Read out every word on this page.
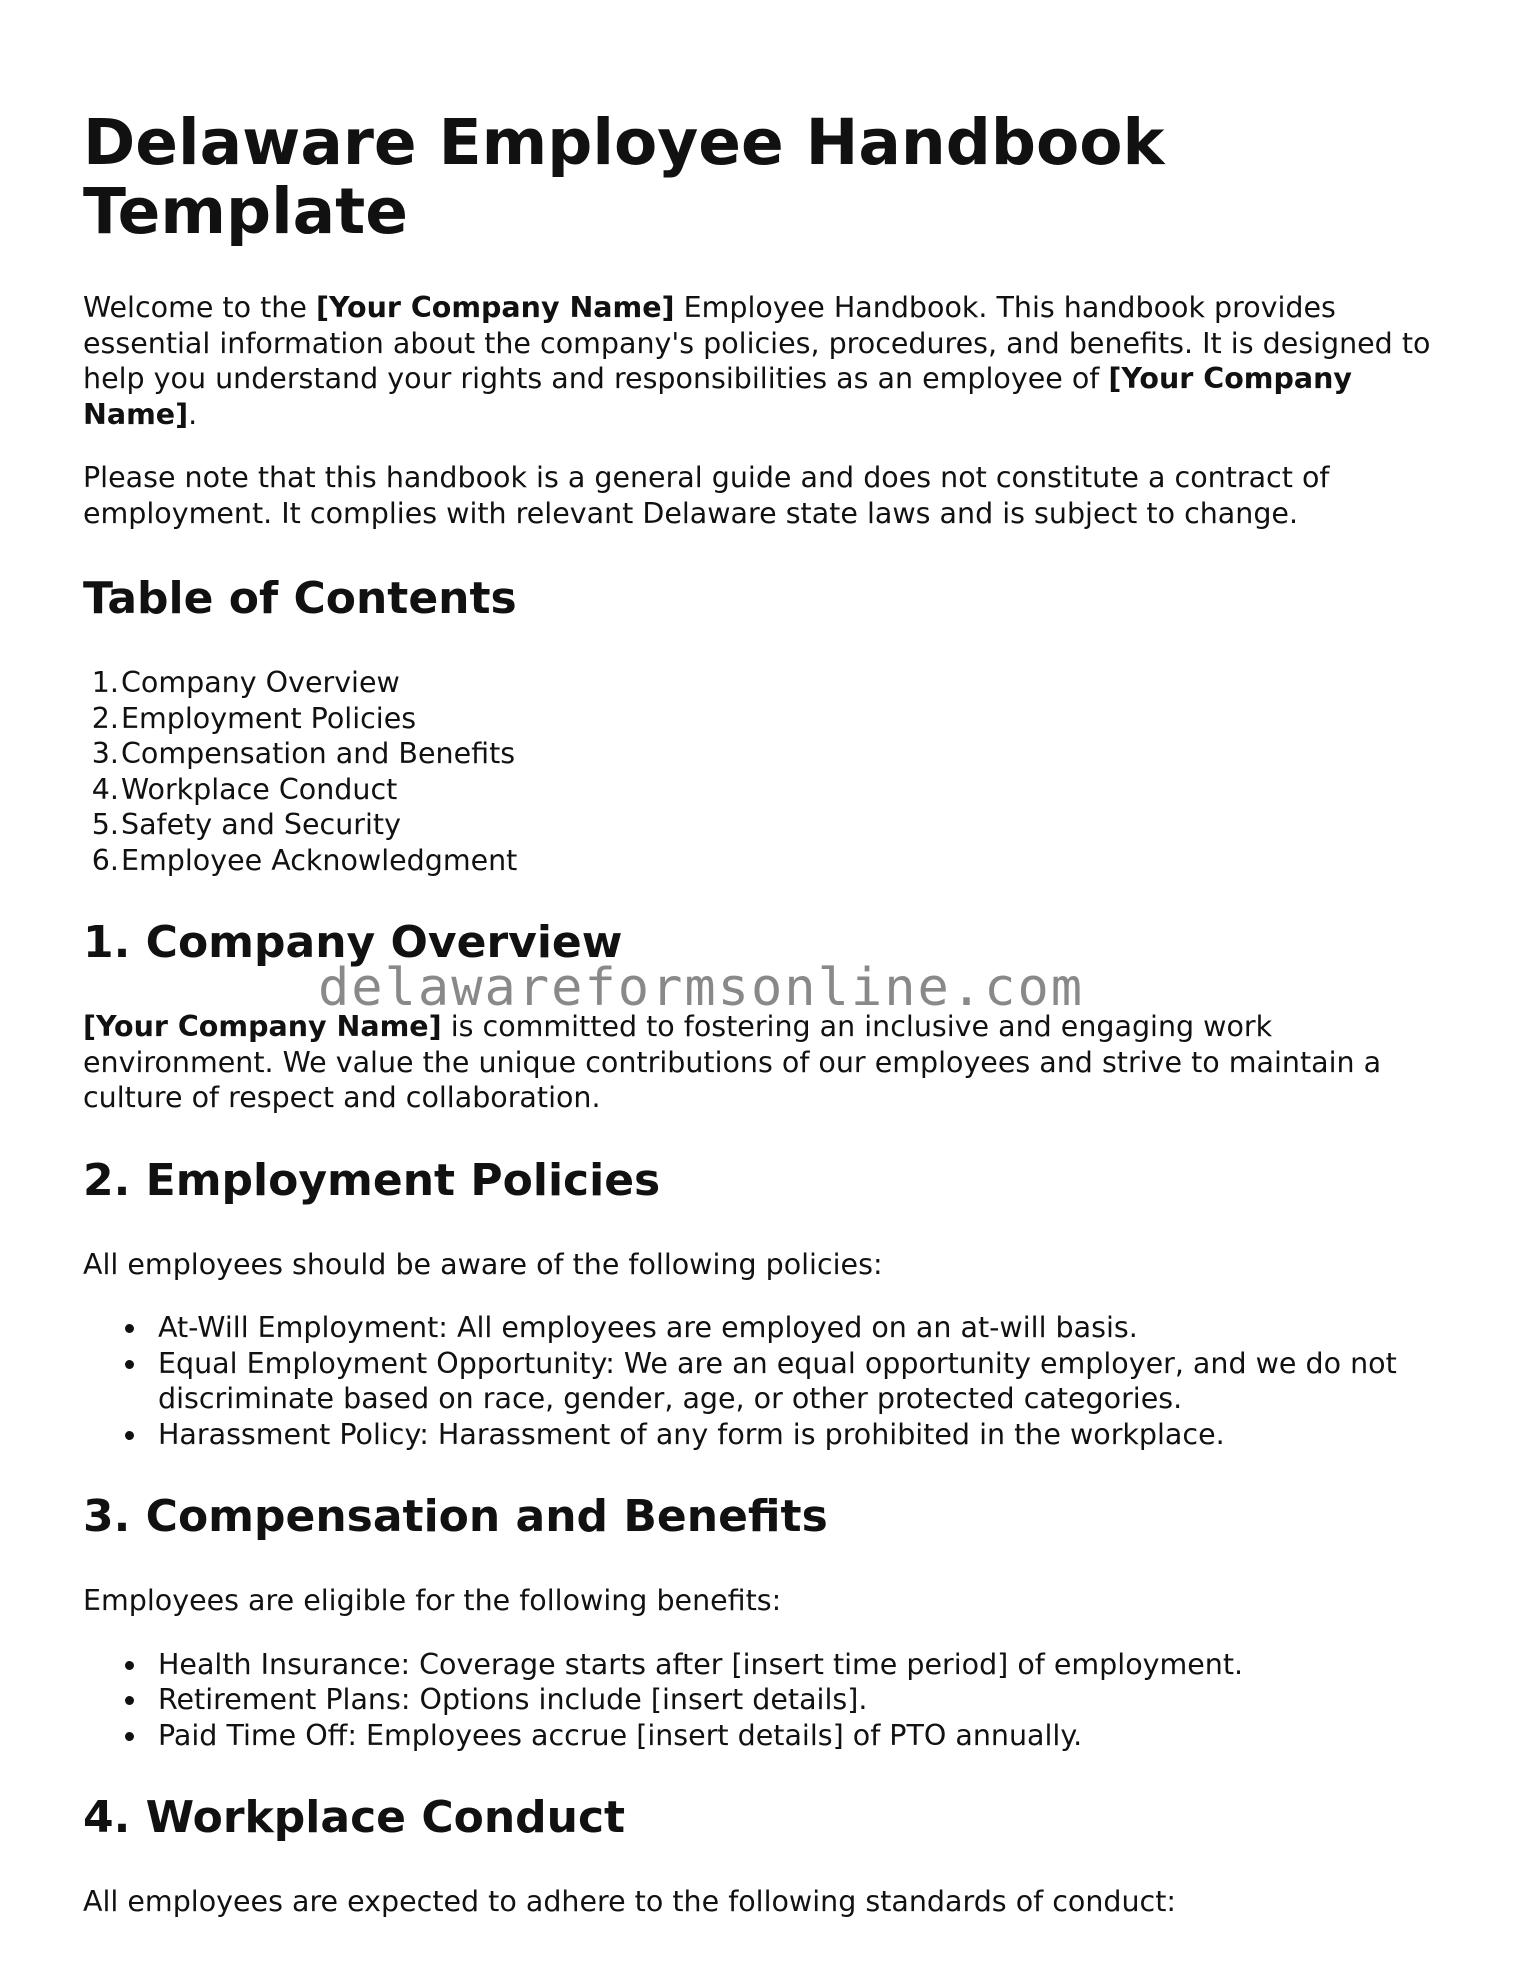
Delaware Employee Handbook Template

Welcome to the [Your Company Name] Employee Handbook. This handbook provides essential information about the company's policies, procedures, and benefits. It is designed to help you understand your rights and responsibilities as an employee of [Your Company Name].

Please note that this handbook is a general guide and does not constitute a contract of employment. It complies with relevant Delaware state laws and is subject to change.

Table of Contents
1.Company Overview
2.Employment Policies
3.Compensation and Benefits
4.Workplace Conduct
5.Safety and Security
6.Employee Acknowledgment
1. Company Overview

[Your Company Name] is committed to fostering an inclusive and engaging work environment. We value the unique contributions of our employees and strive to maintain a culture of respect and collaboration.

2. Employment Policies

All employees should be aware of the following policies:

At-Will Employment: All employees are employed on an at-will basis.
Equal Employment Opportunity: We are an equal opportunity employer, and we do not discriminate based on race, gender, age, or other protected categories.
Harassment Policy: Harassment of any form is prohibited in the workplace.
3. Compensation and Benefits

Employees are eligible for the following benefits:

Health Insurance: Coverage starts after [insert time period] of employment.
Retirement Plans: Options include [insert details].
Paid Time Off: Employees accrue [insert details] of PTO annually.
4. Workplace Conduct

All employees are expected to adhere to the following standards of conduct:

delawareformsonline.com
